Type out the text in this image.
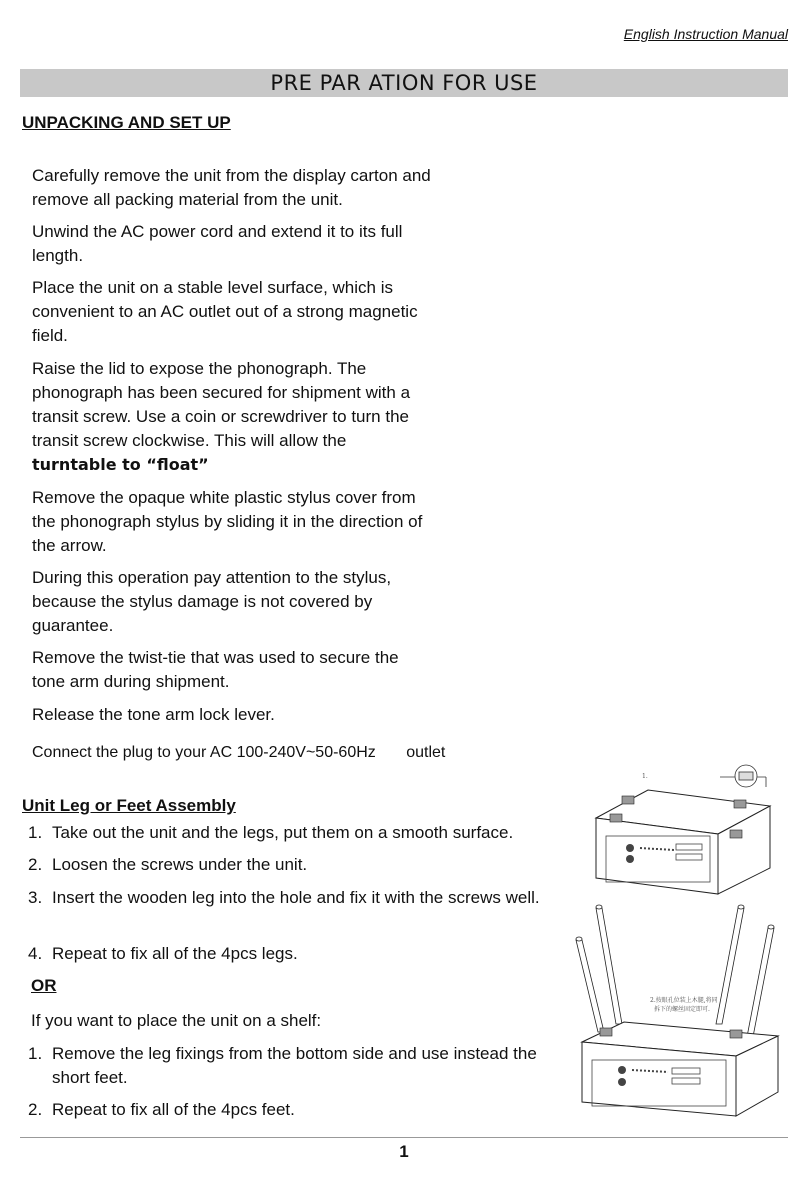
English Instruction Manual
PRE PAR ATION FOR USE
UNPACKING AND SET UP
Carefully remove the unit from the display carton and remove all packing material from the unit.
Unwind the AC power cord and extend it to its full length.
Place the unit on a stable level surface, which is convenient to an AC outlet out of a strong magnetic field.
Raise the lid to expose the phonograph. The phonograph has been secured for shipment with a transit screw. Use a coin or screwdriver to turn the transit screw clockwise. This will allow the
turntable to “float”
Remove the opaque white plastic stylus cover from the phonograph stylus by sliding it in the direction of the arrow.
During this operation pay attention to the stylus, because the stylus damage is not covered by guarantee.
Remove the twist-tie that was used to secure the tone arm during shipment.
Release the tone arm lock lever.
Connect the plug to your AC 100-240V~50-60Hz outlet
Unit Leg or Feet Assembly
1. Take out the unit and the legs, put them on a smooth surface.
2. Loosen the screws under the unit.
3. Insert the wooden leg into the hole and fix it with the screws well.
4. Repeat to fix all of the 4pcs legs.
OR
If you want to place the unit on a shelf:
1. Remove the leg fixings from the bottom side and use instead the short feet.
2. Repeat to fix all of the 4pcs feet.
1.
2.按眼孔位装上木腿,将同
拆下的螺丝固定即可.
1
